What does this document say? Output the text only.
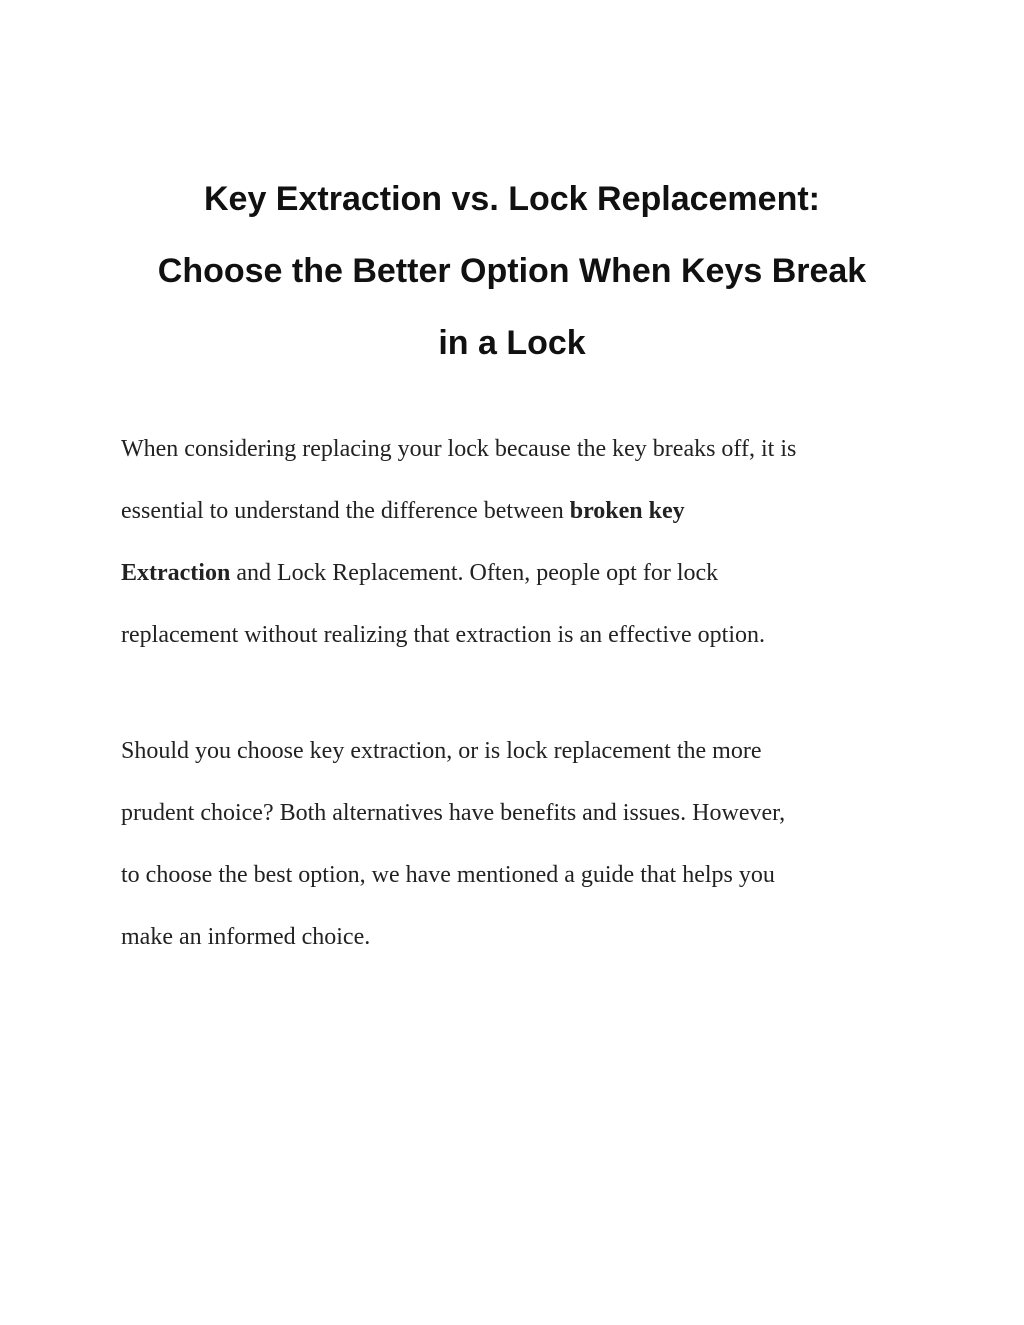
Key Extraction vs. Lock Replacement:
Choose the Better Option When Keys Break
in a Lock

When considering replacing your lock because the key breaks off, it is
essential to understand the difference between broken key
Extraction and Lock Replacement. Often, people opt for lock
replacement without realizing that extraction is an effective option.

Should you choose key extraction, or is lock replacement the more
prudent choice? Both alternatives have benefits and issues. However,
to choose the best option, we have mentioned a guide that helps you
make an informed choice.
